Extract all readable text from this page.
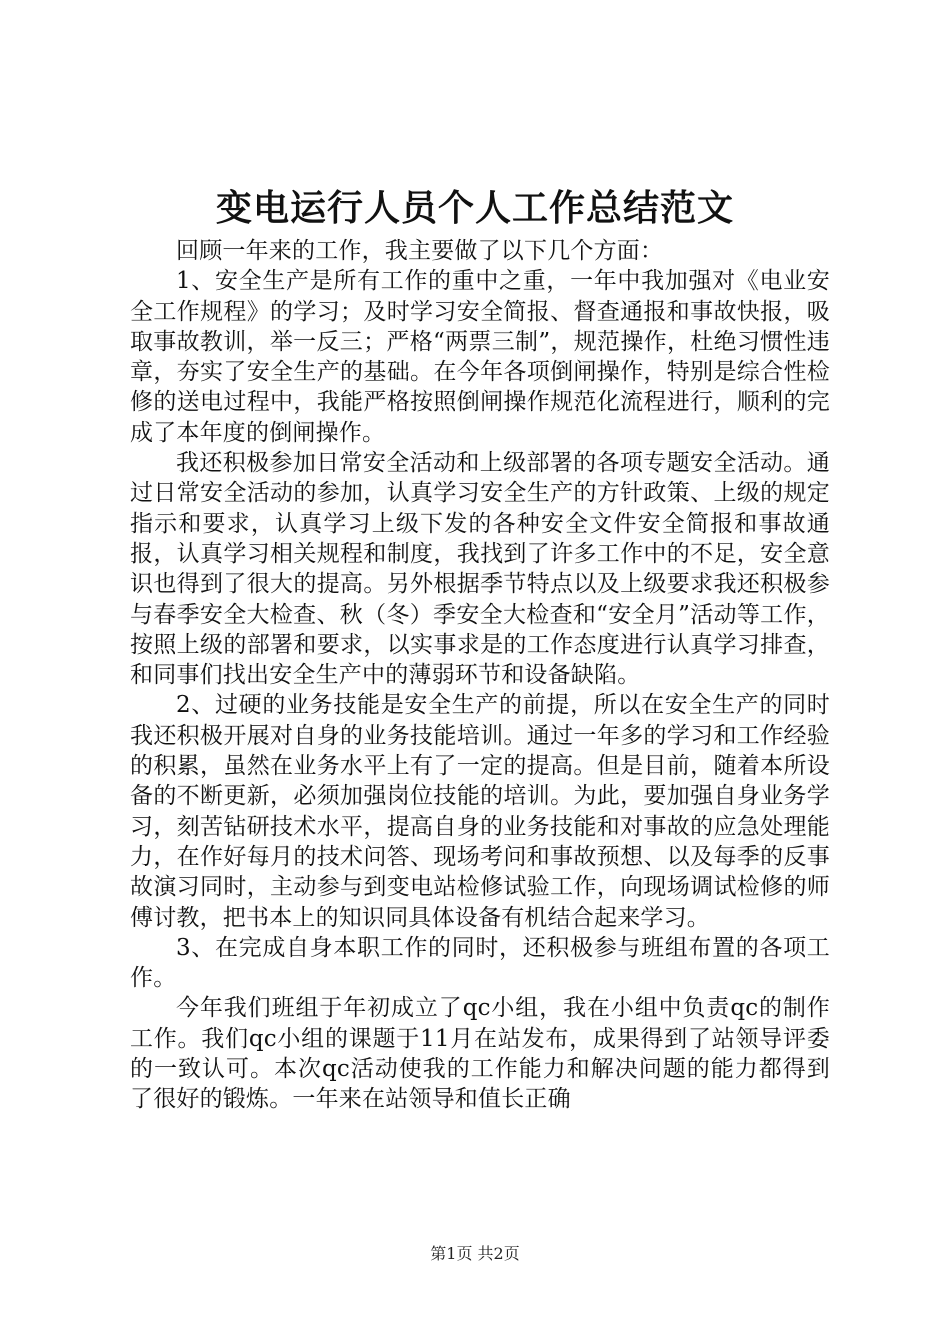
变电运行人员个人工作总结范文

回顾一年来的工作，我主要做了以下几个方面：

1、安全生产是所有工作的重中之重，一年中我加强对《电业安全工作规程》的学习；及时学习安全简报、督查通报和事故快报，吸取事故教训，举一反三；严格“两票三制”，规范操作，杜绝习惯性违章，夯实了安全生产的基础。在今年各项倒闸操作，特别是综合性检修的送电过程中，我能严格按照倒闸操作规范化流程进行，顺利的完成了本年度的倒闸操作。

我还积极参加日常安全活动和上级部署的各项专题安全活动。通过日常安全活动的参加，认真学习安全生产的方针政策、上级的规定指示和要求，认真学习上级下发的各种安全文件安全简报和事故通报，认真学习相关规程和制度，我找到了许多工作中的不足，安全意识也得到了很大的提高。另外根据季节特点以及上级要求我还积极参与春季安全大检查、秋（冬）季安全大检查和“安全月”活动等工作，按照上级的部署和要求，以实事求是的工作态度进行认真学习排查，和同事们找出安全生产中的薄弱环节和设备缺陷。

2、过硬的业务技能是安全生产的前提，所以在安全生产的同时我还积极开展对自身的业务技能培训。通过一年多的学习和工作经验的积累，虽然在业务水平上有了一定的提高。但是目前，随着本所设备的不断更新，必须加强岗位技能的培训。为此，要加强自身业务学习，刻苦钻研技术水平，提高自身的业务技能和对事故的应急处理能力，在作好每月的技术问答、现场考问和事故预想、以及每季的反事故演习同时，主动参与到变电站检修试验工作，向现场调试检修的师傅讨教，把书本上的知识同具体设备有机结合起来学习。

3、在完成自身本职工作的同时，还积极参与班组布置的各项工作。

今年我们班组于年初成立了qc小组，我在小组中负责qc的制作工作。我们qc小组的课题于11月在站发布，成果得到了站领导评委的一致认可。本次qc活动使我的工作能力和解决问题的能力都得到了很好的锻炼。一年来在站领导和值长正确

第1页 共2页
